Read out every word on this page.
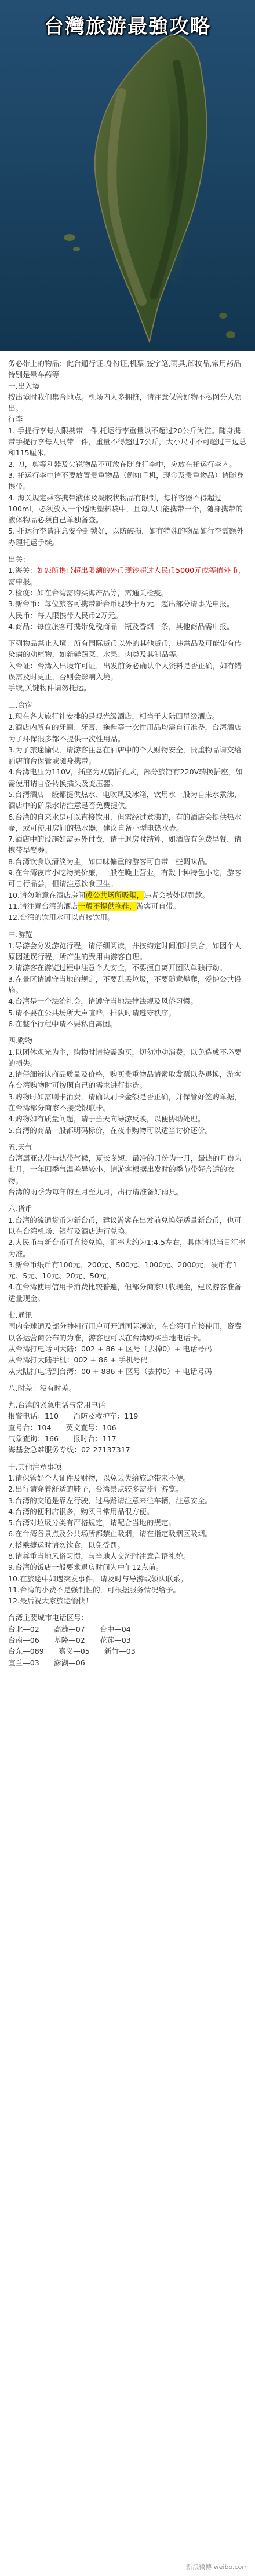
台灣旅游最強攻略

务必带上的物品：此台通行证,身份证,机票,签字笔,雨具,卸妆品,常用药品特别是晕车药等

一.出入境

按出境时我们集合地点。机场内人多拥挤，请注意保管好物不私图分人领出。

行李

1. 手提行李每人限携带一件,托运行李重量以不超过20公斤为准。随身携带手提行李每人只带一件，重量不得超过7公斤，大小尺寸不可超过三边总和115厘米。

2. 刀，剪等利器及尖锐物品不可放在随身行李中，应放在托运行李内。

3. 托运行李中请不要放置贵重物品（例如手机，现金及贵重物品）请随身携带。

4. 海关规定乘客携带液体及凝胶状物品有限制，每样容器不得超过100ml，必须放入一个透明塑料袋中，且每人只能携带一个，随身携带的液体物品必须自己单独备查。

5. 托运行李请注意安全封锁好，以防破损，如有特殊的物品如行李需额外办理托运手续。

出关：

1.海关：如您所携带超出限额的外币现钞超过人民币5000元或等值外币，需申报。

2.检疫：如在台湾需购买海产品等，需通关检疫。

3.新台币：每位旅客可携带新台币现钞十万元，超出部分请事先申报。

人民币：每人限携带人民币2万元。

4.商品：每位旅客可携带免税商品一瓶及香烟一条，其他商品需申报。

下列物品禁止入境：所有国际货币以外的其他货币，违禁品及可能带有传染病的动植物，如新鲜蔬菜、水果、肉类及其制品等。

入台证：台湾入出境许可证，出发前务必确认个人资料是否正确，如有错误需及时更正，否则会影响入境。

手续,关键物件请勿托运。

二.食宿

1.现在各大旅行社安排的是观光级酒店，相当于大陆四星级酒店。

2.酒店内所有的牙刷、牙膏、拖鞋等一次性用品均需自行准备，台湾酒店为了环保很多都不提供一次性用品。

3.为了旅途愉快，请游客注意在酒店中的个人财物安全，贵重物品请交给酒店前台保管或随身携带。

4.台湾电压为110V，插座为双扁插孔式，部分旅馆有220V转换插座，如需使用请自备转换插头及变压器。

5.台湾酒店一般都提供热水、电吹风及冰箱，饮用水一般为自来水煮沸，酒店中的矿泉水请注意是否免费提供。

6.台湾的自来水是可以直接饮用，但需经过煮沸的，有的酒店会提供热水壶，或可使用房间的热水器，建议自备小型电热水壶。

7.酒店中的设施如需另外付费，请于退房时结算，如酒店有免费早餐，请携带早餐券。

8.台湾饮食以清淡为主，如口味偏重的游客可自带一些调味品。

9.在台湾夜市小吃物美价廉，一般在晚上营业，有数十种特色小吃，游客可自行品尝，但请注意饮食卫生。

10.请勿随意在酒店房间或公共场所吸烟，违者会被处以罚款。

11.请注意台湾的酒店一般不提供拖鞋，游客可自带。

12.台湾的饮用水可以直接饮用。

三.游览

1.导游会分发游览行程，请仔细阅读，并按约定时间准时集合，如因个人原因延误行程，所产生的费用由游客自理。

2.请游客在游览过程中注意个人安全，不要擅自离开团队单独行动。

3.在景区请遵守当地的规定，不要乱丢垃圾，不要随意攀爬，爱护公共设施。

4.台湾是一个法治社会，请遵守当地法律法规及风俗习惯。

5.请不要在公共场所大声喧哗，排队时请遵守秩序。

6.在整个行程中请不要私自离团。

四.购物

1.以团体观光为主，购物时请按需购买，切勿冲动消费，以免造成不必要的损失。

2.请仔细辨认商品质量及价格，购买贵重物品请索取发票以备退换，游客在台湾购物时可按照自己的需求进行挑选。

3.购物时如需刷卡消费，请确认刷卡金额是否正确，并保管好签购单据，在台湾部分商家不接受银联卡。

4.购物如有质量问题，请于当天向导游反映，以便协助处理。

5.台湾的商品一般都明码标价，在夜市购物可以适当讨价还价。

五.天气

台湾属亚热带与热带气候，夏长冬短，最冷的月份为一月，最热的月份为七月，一年四季气温差异较小，请游客根据出发时的季节带好合适的衣物。

台湾的雨季为每年的五月至九月，出行请准备好雨具。

六.货币

1.台湾的流通货币为新台币，建议游客在出发前兑换好适量新台币，也可以在台湾机场、银行及酒店进行兑换。

2.人民币与新台币可直接兑换，汇率大约为1:4.5左右，具体请以当日汇率为准。

3.新台币纸币有100元、200元、500元、1000元、2000元，硬币有1元、5元、10元、20元、50元。

4.在台湾使用信用卡消费比较普遍，但部分商家只收现金，建议游客准备适量现金。

七.通讯

国内全球通及部分神州行用户可开通国际漫游，在台湾可直接使用，资费以各运营商公布的为准，游客也可以在台湾购买当地电话卡。

从台湾打电话回大陆：002 + 86 + 区号（去掉0）+ 电话号码

从台湾打大陆手机：002 + 86 + 手机号码

从大陆打电话到台湾：00 + 886 + 区号（去掉0）+ 电话号码

八.时差：没有时差。

九.台湾的紧急电话与常用电话

报警电话：110　　消防及救护车：119

查号台：104　　英文查号：106

气象查询：166　　报时台：117

海基会急难服务专线：02-27137317

十.其他注意事项

1.请保管好个人证件及财物，以免丢失给旅途带来不便。

2.出行请穿着舒适的鞋子，台湾景点较多需步行游览。

3.台湾的交通是靠左行驶，过马路请注意来往车辆，注意安全。

4.台湾的便利店很多，购买日常用品很方便。

5.台湾对垃圾分类有严格规定，请配合当地的规定。

6.在台湾各景点及公共场所都禁止吸烟，请在指定吸烟区吸烟。

7.搭乘捷运时请勿饮食，以免受罚。

8.请尊重当地风俗习惯，与当地人交流时注意言语礼貌。

9.台湾的饭店一般要求退房时间为中午12点前。

10.在旅途中如遇突发事件，请及时与导游或领队联系。

11.台湾的小费不是强制性的，可根据服务情况给予。

12.最后祝大家旅途愉快！

台湾主要城市电话区号：

台北—02　　高雄—07　　台中—04

台南—06　　基隆—02　　花莲—03

台东—089　　嘉义—05　　新竹—03

宜兰—03　　澎湖—06

新浪微博 weibo.com
